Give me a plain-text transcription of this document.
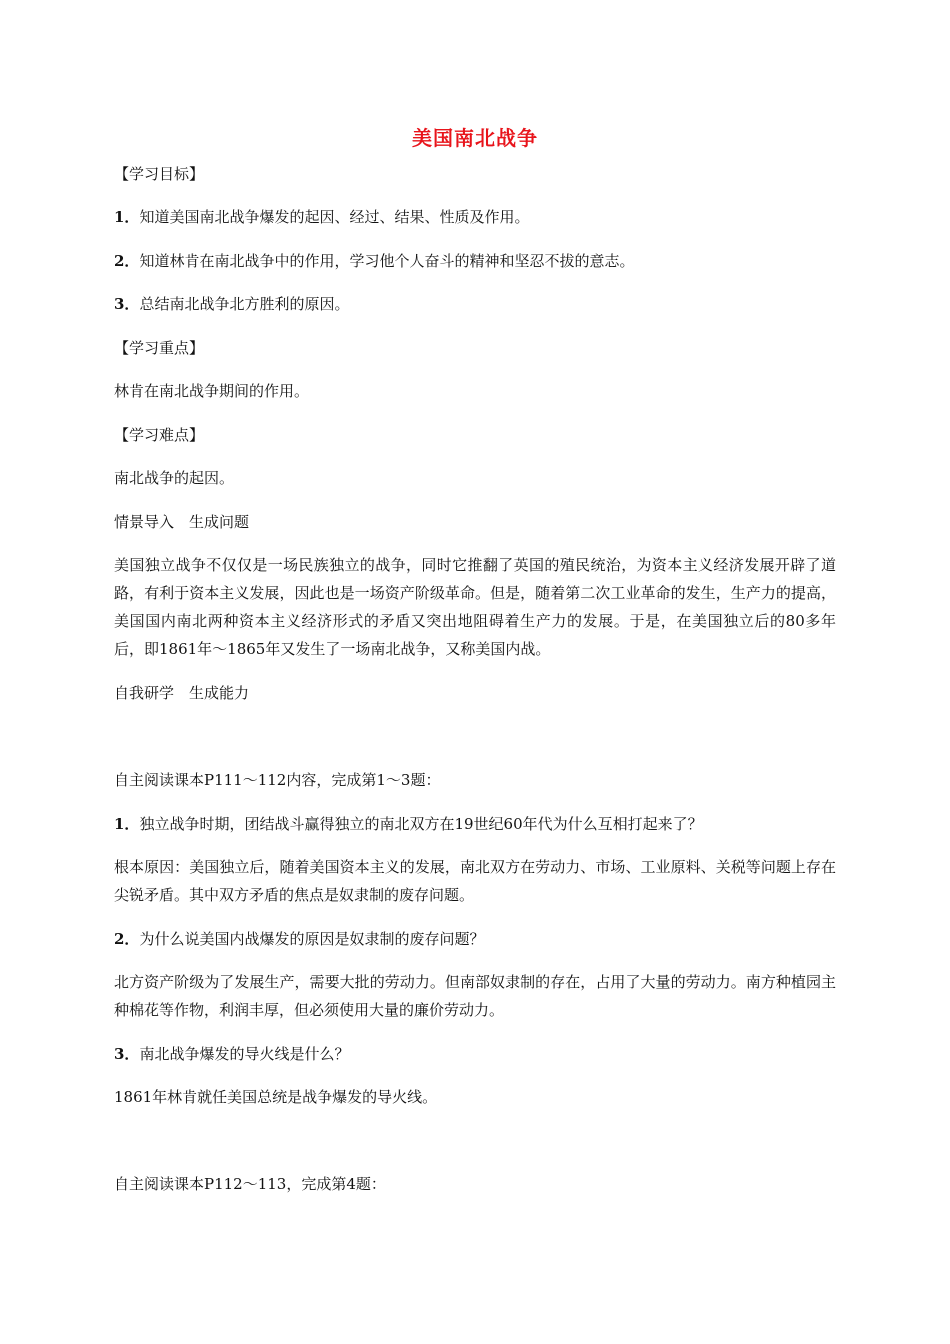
美国南北战争
【学习目标】
1．知道美国南北战争爆发的起因、经过、结果、性质及作用。
2．知道林肯在南北战争中的作用，学习他个人奋斗的精神和坚忍不拔的意志。
3．总结南北战争北方胜利的原因。
【学习重点】
林肯在南北战争期间的作用。
【学习难点】
南北战争的起因。
情景导入　生成问题
美国独立战争不仅仅是一场民族独立的战争，同时它推翻了英国的殖民统治，为资本主义经济发展开辟了道路，有利于资本主义发展，因此也是一场资产阶级革命。但是，随着第二次工业革命的发生，生产力的提高，美国国内南北两种资本主义经济形式的矛盾又突出地阻碍着生产力的发展。于是，在美国独立后的80多年后，即1861年～1865年又发生了一场南北战争，又称美国内战。
自我研学　生成能力
自主阅读课本P111～112内容，完成第1～3题：
1．独立战争时期，团结战斗赢得独立的南北双方在19世纪60年代为什么互相打起来了？
根本原因：美国独立后，随着美国资本主义的发展，南北双方在劳动力、市场、工业原料、关税等问题上存在尖锐矛盾。其中双方矛盾的焦点是奴隶制的废存问题。
2．为什么说美国内战爆发的原因是奴隶制的废存问题？
北方资产阶级为了发展生产，需要大批的劳动力。但南部奴隶制的存在，占用了大量的劳动力。南方种植园主种棉花等作物，利润丰厚，但必须使用大量的廉价劳动力。
3．南北战争爆发的导火线是什么？
1861年林肯就任美国总统是战争爆发的导火线。
自主阅读课本P112～113，完成第4题：
